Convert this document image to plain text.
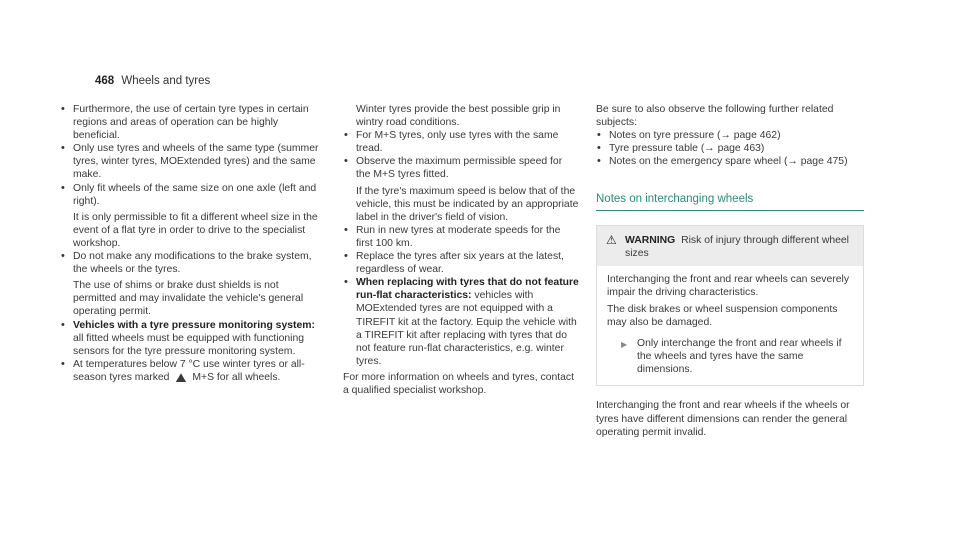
468 Wheels and tyres

• Furthermore, the use of certain tyre types in certain regions and areas of operation can be highly beneficial.

• Only use tyres and wheels of the same type (summer tyres, winter tyres, MOExtended tyres) and the same make.

• Only fit wheels of the same size on one axle (left and right).

It is only permissible to fit a different wheel size in the event of a flat tyre in order to drive to the specialist workshop.

• Do not make any modifications to the brake system, the wheels or the tyres.

The use of shims or brake dust shields is not permitted and may invalidate the vehicle's general operating permit.

• Vehicles with a tyre pressure monitoring system: all fitted wheels must be equipped with functioning sensors for the tyre pressure monitoring system.

• At temperatures below 7 °C use winter tyres or all-season tyres marked ⛰ M+S for all wheels.

Winter tyres provide the best possible grip in wintry road conditions.

• For M+S tyres, only use tyres with the same tread.

• Observe the maximum permissible speed for the M+S tyres fitted.

If the tyre's maximum speed is below that of the vehicle, this must be indicated by an appropriate label in the driver's field of vision.

• Run in new tyres at moderate speeds for the first 100 km.

• Replace the tyres after six years at the latest, regardless of wear.

• When replacing with tyres that do not feature run-flat characteristics: vehicles with MOExtended tyres are not equipped with a TIREFIT kit at the factory. Equip the vehicle with a TIREFIT kit after replacing with tyres that do not feature run-flat characteristics, e.g. winter tyres.

For more information on wheels and tyres, contact a qualified specialist workshop.

Be sure to also observe the following further related subjects:

• Notes on tyre pressure (→ page 462)
• Tyre pressure table (→ page 463)
• Notes on the emergency spare wheel (→ page 475)
Notes on interchanging wheels
⚠ WARNING Risk of injury through different wheel sizes

Interchanging the front and rear wheels can severely impair the driving characteristics.

The disk brakes or wheel suspension components may also be damaged.

▶ Only interchange the front and rear wheels if the wheels and tyres have the same dimensions.

Interchanging the front and rear wheels if the wheels or tyres have different dimensions can render the general operating permit invalid.
